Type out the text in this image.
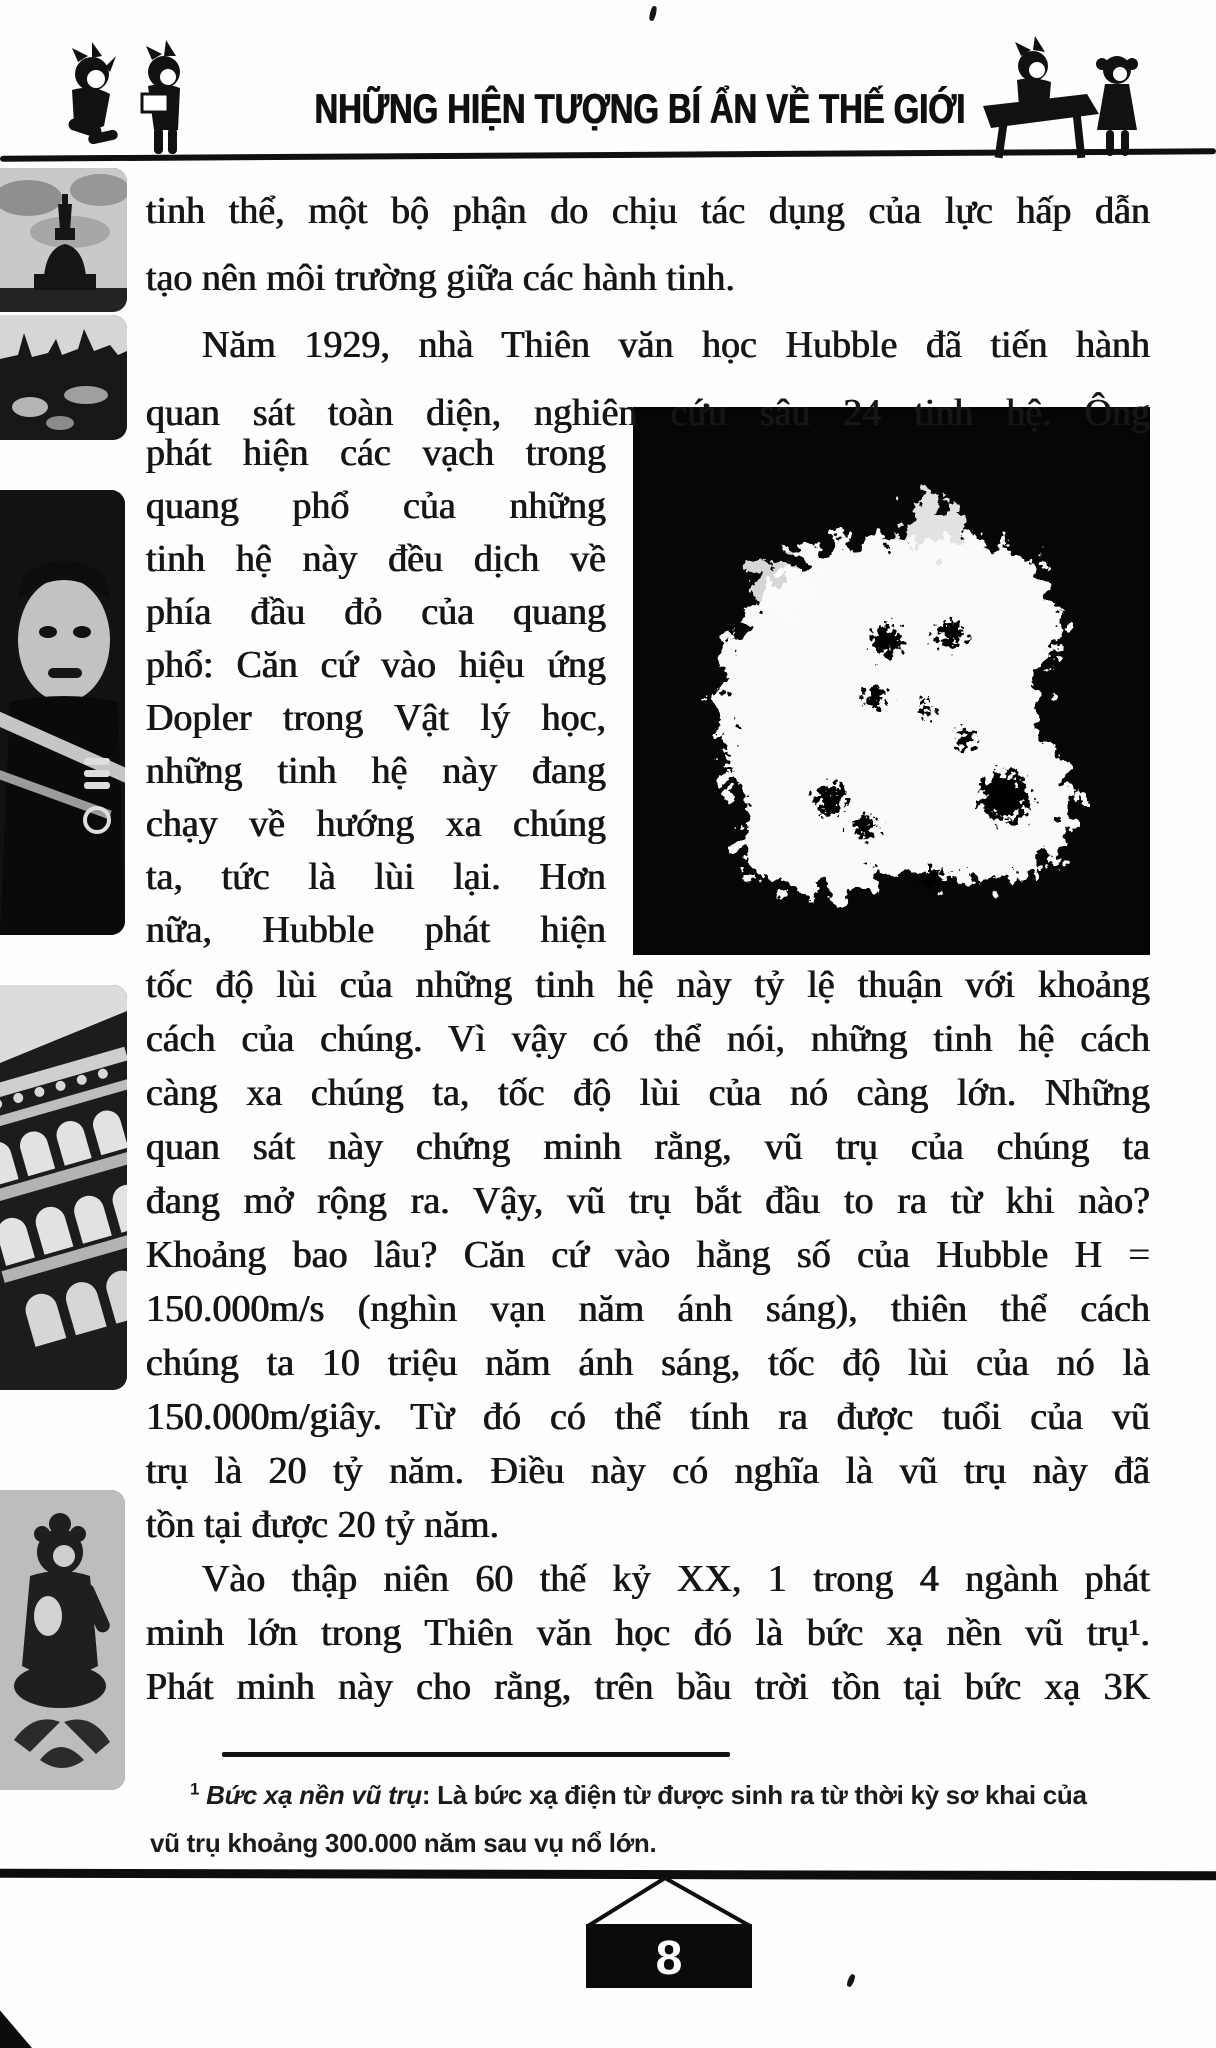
NHỮNG HIỆN TƯỢNG BÍ ẨN VỀ THẾ GIỚI
tinh thể, một bộ phận do chịu tác dụng của lực hấp dẫn
tạo nên môi trường giữa các hành tinh.
Năm 1929, nhà Thiên văn học Hubble đã tiến hành
quan sát toàn diện, nghiên cứu sâu 24 tinh hệ. Ông
phát hiện các vạch trong
quang phổ của những
tinh hệ này đều dịch về
phía đầu đỏ của quang
phổ: Căn cứ vào hiệu ứng
Dopler trong Vật lý học,
những tinh hệ này đang
chạy về hướng xa chúng
ta, tức là lùi lại. Hơn
nữa, Hubble phát hiện
tốc độ lùi của những tinh hệ này tỷ lệ thuận với khoảng
cách của chúng. Vì vậy có thể nói, những tinh hệ cách
càng xa chúng ta, tốc độ lùi của nó càng lớn. Những
quan sát này chứng minh rằng, vũ trụ của chúng ta
đang mở rộng ra. Vậy, vũ trụ bắt đầu to ra từ khi nào?
Khoảng bao lâu? Căn cứ vào hằng số của Hubble H =
150.000m/s (nghìn vạn năm ánh sáng), thiên thể cách
chúng ta 10 triệu năm ánh sáng, tốc độ lùi của nó là
150.000m/giây. Từ đó có thể tính ra được tuổi của vũ
trụ là 20 tỷ năm. Điều này có nghĩa là vũ trụ này đã
tồn tại được 20 tỷ năm.
Vào thập niên 60 thế kỷ XX, 1 trong 4 ngành phát
minh lớn trong Thiên văn học đó là bức xạ nền vũ trụ¹.
Phát minh này cho rằng, trên bầu trời tồn tại bức xạ 3K
$^1$ Bức xạ nền vũ trụ: Là bức xạ điện từ được sinh ra từ thời kỳ sơ khai của
vũ trụ khoảng 300.000 năm sau vụ nổ lớn.
8
